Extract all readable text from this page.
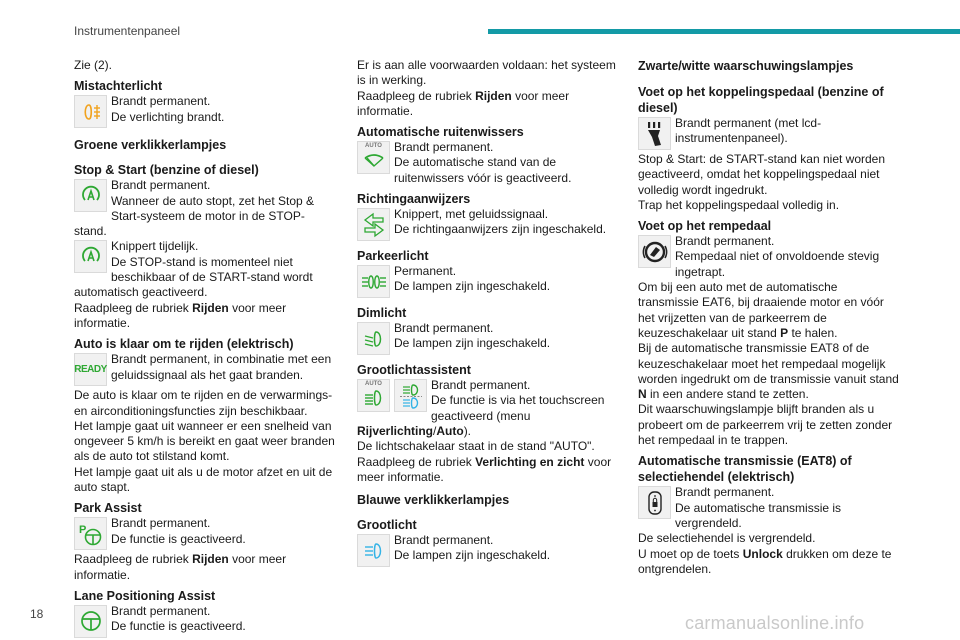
Instrumentenpaneel

Zie (2).

Mistachterlicht

Brandt permanent.

De verlichting brandt.

Groene verklikkerlampjes

Stop & Start (benzine of diesel)

Brandt permanent.

Wanneer de auto stopt, zet het Stop & Start-systeem de motor in de STOP-stand.

Knippert tijdelijk.

De STOP-stand is momenteel niet beschikbaar of de START-stand wordt automatisch geactiveerd.

Raadpleeg de rubriek Rijden voor meer informatie.

Auto is klaar om te rijden (elektrisch)

READY

Brandt permanent, in combinatie met een geluidssignaal als het gaat branden.

De auto is klaar om te rijden en de verwarmings- en airconditioningsfuncties zijn beschikbaar.

Het lampje gaat uit wanneer er een snelheid van ongeveer 5 km/h is bereikt en gaat weer branden als de auto tot stilstand komt.

Het lampje gaat uit als u de motor afzet en uit de auto stapt.

Park Assist

P	Brandt permanent.

De functie is geactiveerd.

Raadpleeg de rubriek Rijden voor meer informatie.

Lane Positioning Assist

Brandt permanent.

De functie is geactiveerd.

Er is aan alle voorwaarden voldaan: het systeem is in werking.

Raadpleeg de rubriek Rijden voor meer informatie.

Automatische ruitenwissers

AUTO	Brandt permanent.

De automatische stand van de ruitenwissers vóór is geactiveerd.

Richtingaanwijzers

Knippert, met geluidssignaal.

De richtingaanwijzers zijn ingeschakeld.

Parkeerlicht

Permanent.

De lampen zijn ingeschakeld.

Dimlicht

Brandt permanent.

De lampen zijn ingeschakeld.

Grootlichtassistent

AUTO	Brandt permanent.

De functie is via het touchscreen geactiveerd (menu Rijverlichting/Auto).

De lichtschakelaar staat in de stand "AUTO".

Raadpleeg de rubriek Verlichting en zicht voor meer informatie.

Blauwe verklikkerlampjes

Grootlicht

Brandt permanent.

De lampen zijn ingeschakeld.

Zwarte/witte waarschuwingslampjes

Voet op het koppelingspedaal (benzine of diesel)

Brandt permanent (met lcd-instrumentenpaneel).

Stop & Start: de START-stand kan niet worden geactiveerd, omdat het koppelingspedaal niet volledig wordt ingedrukt.

Trap het koppelingspedaal volledig in.

Voet op het rempedaal

Brandt permanent.

Rempedaal niet of onvoldoende stevig ingetrapt.

Om bij een auto met de automatische transmissie EAT6, bij draaiende motor en vóór het vrijzetten van de parkeerrem de keuzeschakelaar uit stand P te halen.

Bij de automatische transmissie EAT8 of de keuzeschakelaar moet het rempedaal mogelijk worden ingedrukt om de transmissie vanuit stand N in een andere stand te zetten.

Dit waarschuwingslampje blijft branden als u probeert om de parkeerrem vrij te zetten zonder het rempedaal in te trappen.

Automatische transmissie (EAT8) of selectiehendel (elektrisch)

Brandt permanent.

De automatische transmissie is vergrendeld.

De selectiehendel is vergrendeld.

U moet op de toets Unlock drukken om deze te ontgrendelen.

18	carmanualsonline.info
